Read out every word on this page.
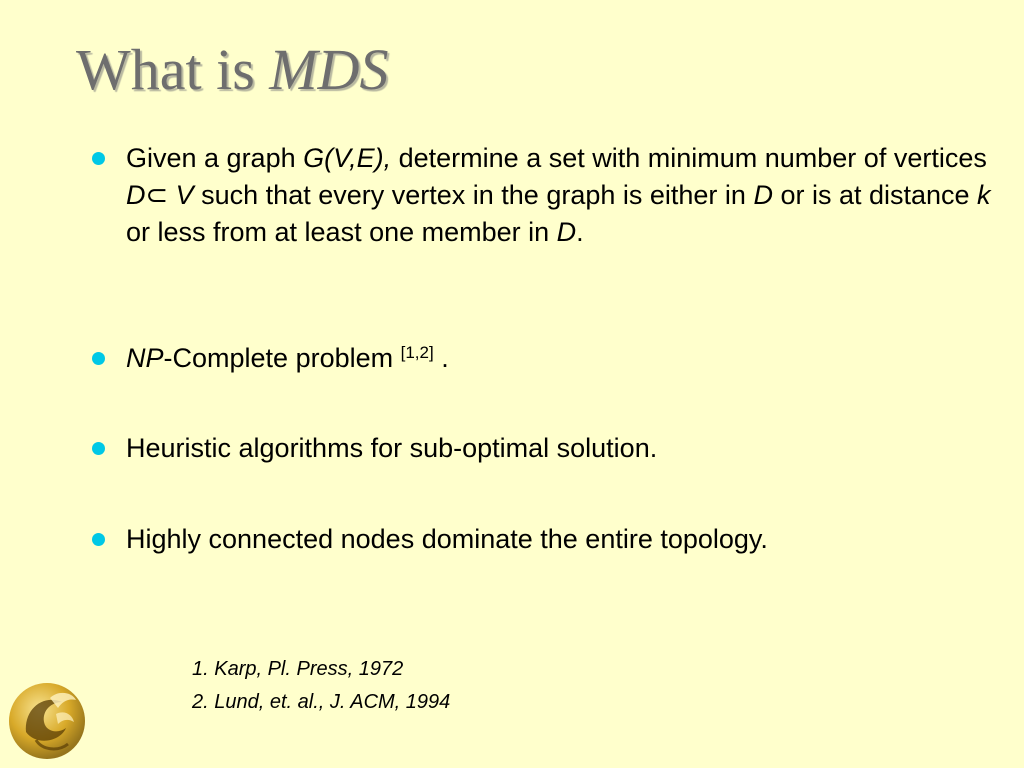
What is MDS
Given a graph G(V,E), determine a set with minimum number of vertices D⊂ V such that every vertex in the graph is either in D or is at distance k or less from at least one member in D.
NP-Complete problem [1,2] .
Heuristic algorithms for sub-optimal solution.
Highly connected nodes dominate the entire topology.
1. Karp, Pl. Press, 1972
2. Lund, et. al., J. ACM, 1994
